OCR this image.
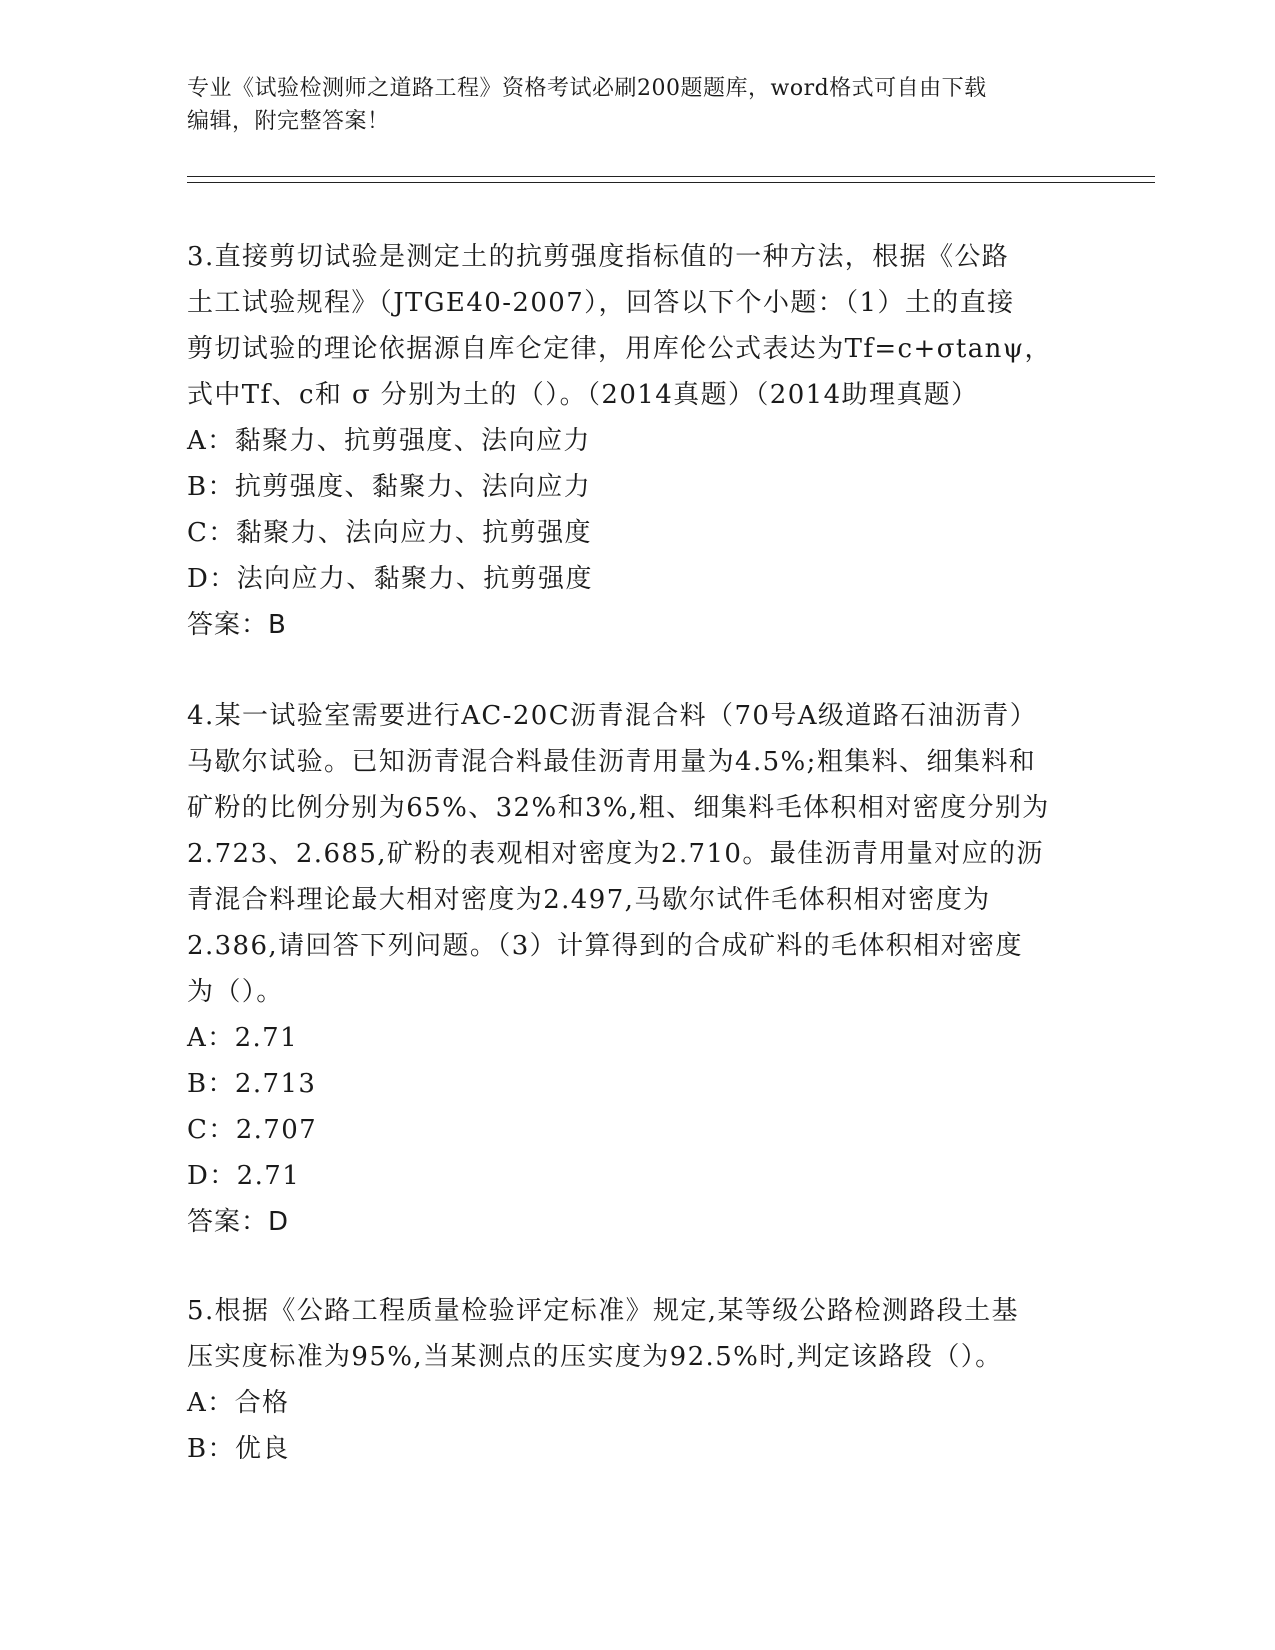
专业《试验检测师之道路工程》资格考试必刷200题题库，word格式可自由下载
编辑，附完整答案！

3.直接剪切试验是测定土的抗剪强度指标值的一种方法，根据《公路

土工试验规程》（JTGE40-2007），回答以下个小题：（1）土的直接

剪切试验的理论依据源自库仑定律，用库伦公式表达为Tf=c+σtanψ，

式中Tf、c和 σ 分别为土的（）。（2014真题）（2014助理真题）

A：黏聚力、抗剪强度、法向应力

B：抗剪强度、黏聚力、法向应力

C：黏聚力、法向应力、抗剪强度

D：法向应力、黏聚力、抗剪强度

答案：B

4.某一试验室需要进行AC-20C沥青混合料（70号A级道路石油沥青）

马歇尔试验。已知沥青混合料最佳沥青用量为4.5%;粗集料、细集料和

矿粉的比例分别为65%、32%和3%,粗、细集料毛体积相对密度分别为

2.723、2.685,矿粉的表观相对密度为2.710。最佳沥青用量对应的沥

青混合料理论最大相对密度为2.497,马歇尔试件毛体积相对密度为

2.386,请回答下列问题。（3）计算得到的合成矿料的毛体积相对密度

为（）。

A：2.71

B：2.713

C：2.707

D：2.71

答案：D

5.根据《公路工程质量检验评定标准》规定,某等级公路检测路段土基

压实度标准为95%,当某测点的压实度为92.5%时,判定该路段（）。

A：合格

B：优良
